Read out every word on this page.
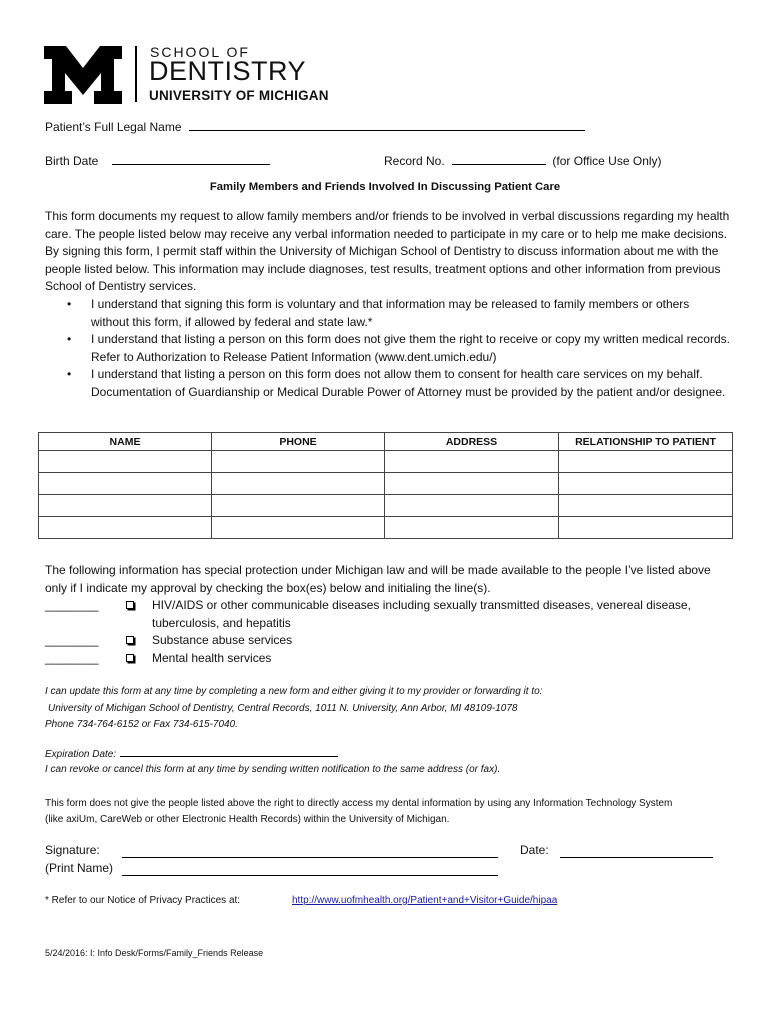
SCHOOL OF
DENTISTRY
UNIVERSITY OF MICHIGAN
Patient’s Full Legal Name
Birth Date	Record No.	(for Office Use Only)
Family Members and Friends Involved In Discussing Patient Care

This form documents my request to allow family members and/or friends to be involved in verbal discussions regarding my health care. The people listed below may receive any verbal information needed to participate in my care or to help me make decisions. By signing this form, I permit staff within the University of Michigan School of Dentistry to discuss information about me with the people listed below. This information may include diagnoses, test results, treatment options and other information from previous School of Dentistry services.

• I understand that signing this form is voluntary and that information may be released to family members or others without this form, if allowed by federal and state law.*
• I understand that listing a person on this form does not give them the right to receive or copy my written medical records. Refer to Authorization to Release Patient Information (www.dent.umich.edu/)
• I understand that listing a person on this form does not allow them to consent for health care services on my behalf. Documentation of Guardianship or Medical Durable Power of Attorney must be provided by the patient and/or designee.
NAME	PHONE	ADDRESS	RELATIONSHIP TO PATIENT

The following information has special protection under Michigan law and will be made available to the people I’ve listed above only if I indicate my approval by checking the box(es) below and initialing the line(s).
________	HIV/AIDS or other communicable diseases including sexually transmitted diseases, venereal disease, tuberculosis, and hepatitis
________	Substance abuse services
________	Mental health services
I can update this form at any time by completing a new form and either giving it to my provider or forwarding it to:
University of Michigan School of Dentistry, Central Records, 1011 N. University, Ann Arbor, MI 48109-1078
Phone 734-764-6152 or Fax 734-615-7040.
Expiration Date:
I can revoke or cancel this form at any time by sending written notification to the same address (or fax).
This form does not give the people listed above the right to directly access my dental information by using any Information Technology System (like axiUm, CareWeb or other Electronic Health Records) within the University of Michigan.
Signature:
(Print Name)
Date:
* Refer to our Notice of Privacy Practices at:	http://www.uofmhealth.org/Patient+and+Visitor+Guide/hipaa
5/24/2016: I: Info Desk/Forms/Family_Friends Release
